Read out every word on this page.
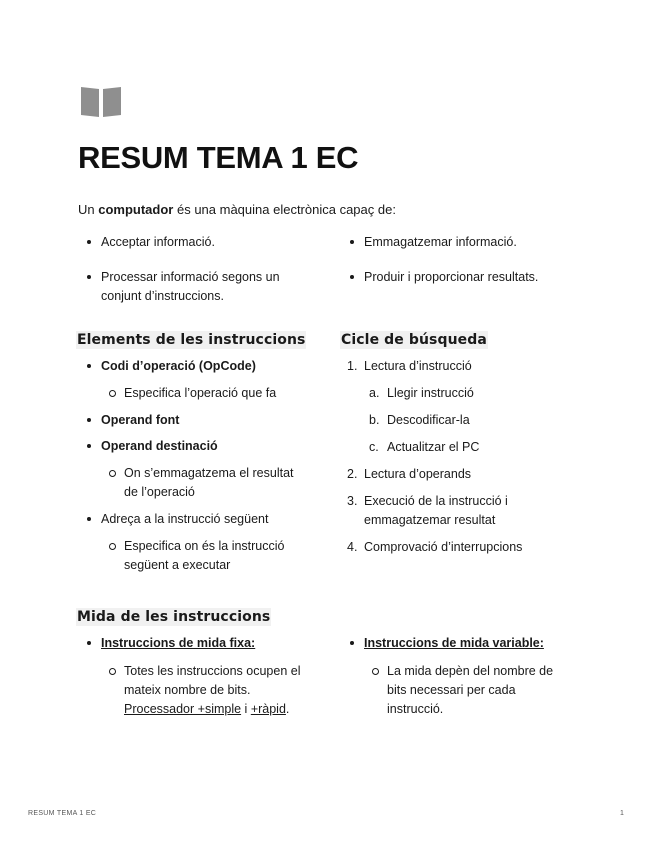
RESUM TEMA 1 EC
Un computador és una màquina electrònica capaç de:
Acceptar informació.
Processar informació segons un
conjunt d’instruccions.
Emmagatzemar informació.
Produir i proporcionar resultats.
Elements de les instruccions
Codi d’operació (OpCode)
Especifica l’operació que fa
Operand font
Operand destinació
On s’emmagatzema el resultat
de l’operació
Adreça a la instrucció següent
Especifica on és la instrucció
següent a executar
Cicle de búsqueda
1. Lectura d’instrucció
a. Llegir instrucció
b. Descodificar-la
c. Actualitzar el PC
2. Lectura d’operands
3. Execució de la instrucció i
emmagatzemar resultat
4. Comprovació d’interrupcions
Mida de les instruccions
Instruccions de mida fixa:
Totes les instruccions ocupen el
mateix nombre de bits.
Processador +simple i +ràpid.
Instruccions de mida variable:
La mida depèn del nombre de
bits necessari per cada
instrucció.
RESUM TEMA 1 EC	1
